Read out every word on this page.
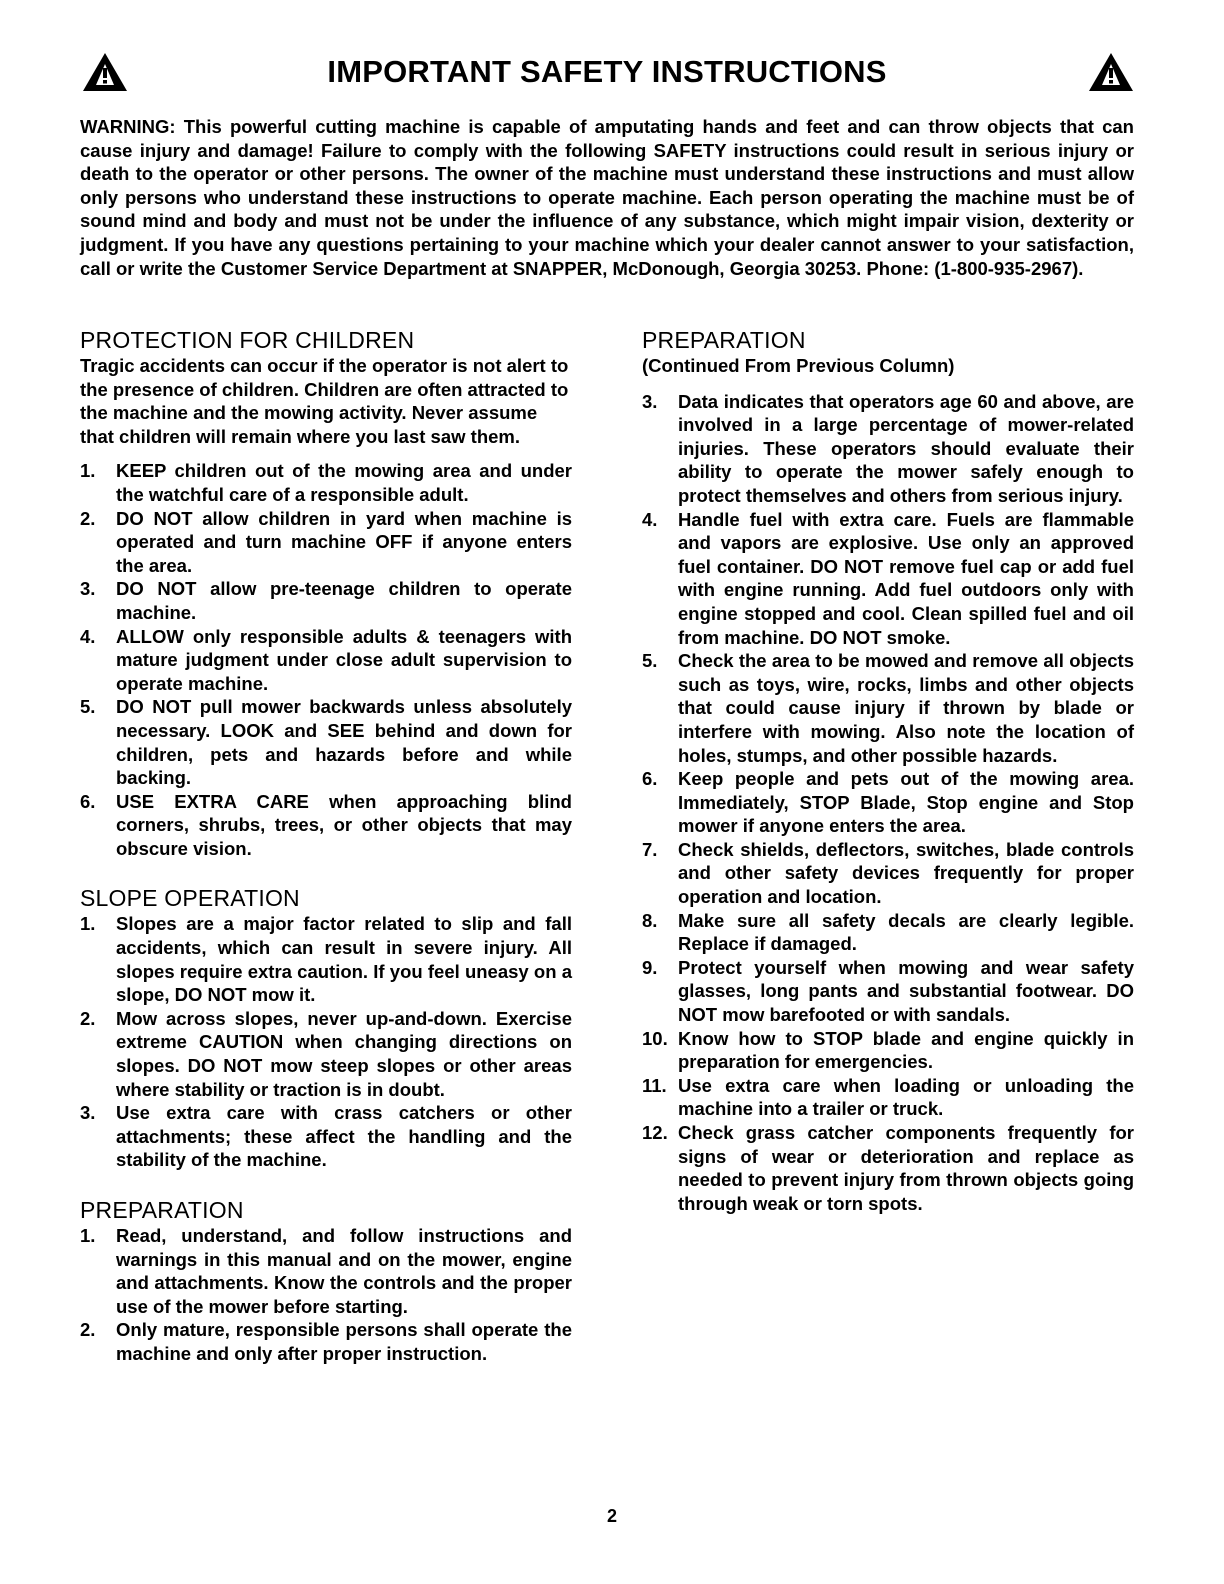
IMPORTANT SAFETY INSTRUCTIONS

WARNING: This powerful cutting machine is capable of amputating hands and feet and can throw objects that can cause injury and damage! Failure to comply with the following SAFETY instructions could result in serious injury or death to the operator or other persons. The owner of the machine must understand these instructions and must allow only persons who understand these instructions to operate machine. Each person operating the machine must be of sound mind and body and must not be under the influence of any substance, which might impair vision, dexterity or judgment. If you have any questions pertaining to your machine which your dealer cannot answer to your satisfaction, call or write the Customer Service Department at SNAPPER, McDonough, Georgia 30253. Phone: (1-800-935-2967).

PROTECTION FOR CHILDREN

Tragic accidents can occur if the operator is not alert to the presence of children. Children are often attracted to the machine and the mowing activity. Never assume that children will remain where you last saw them.

1. KEEP children out of the mowing area and under the watchful care of a responsible adult.
2. DO NOT allow children in yard when machine is operated and turn machine OFF if anyone enters the area.
3. DO NOT allow pre-teenage children to operate machine.
4. ALLOW only responsible adults & teenagers with mature judgment under close adult supervision to operate machine.
5. DO NOT pull mower backwards unless absolutely necessary. LOOK and SEE behind and down for children, pets and hazards before and while backing.
6. USE EXTRA CARE when approaching blind corners, shrubs, trees, or other objects that may obscure vision.
SLOPE OPERATION
1. Slopes are a major factor related to slip and fall accidents, which can result in severe injury. All slopes require extra caution. If you feel uneasy on a slope, DO NOT mow it.
2. Mow across slopes, never up-and-down. Exercise extreme CAUTION when changing directions on slopes. DO NOT mow steep slopes or other areas where stability or traction is in doubt.
3. Use extra care with crass catchers or other attachments; these affect the handling and the stability of the machine.
PREPARATION
1. Read, understand, and follow instructions and warnings in this manual and on the mower, engine and attachments. Know the controls and the proper use of the mower before starting.
2. Only mature, responsible persons shall operate the machine and only after proper instruction.
PREPARATION

(Continued From Previous Column)

3. Data indicates that operators age 60 and above, are involved in a large percentage of mower-related injuries. These operators should evaluate their ability to operate the mower safely enough to protect themselves and others from serious injury.
4. Handle fuel with extra care. Fuels are flammable and vapors are explosive. Use only an approved fuel container. DO NOT remove fuel cap or add fuel with engine running. Add fuel outdoors only with engine stopped and cool. Clean spilled fuel and oil from machine. DO NOT smoke.
5. Check the area to be mowed and remove all objects such as toys, wire, rocks, limbs and other objects that could cause injury if thrown by blade or interfere with mowing. Also note the location of holes, stumps, and other possible hazards.
6. Keep people and pets out of the mowing area. Immediately, STOP Blade, Stop engine and Stop mower if anyone enters the area.
7. Check shields, deflectors, switches, blade controls and other safety devices frequently for proper operation and location.
8. Make sure all safety decals are clearly legible. Replace if damaged.
9. Protect yourself when mowing and wear safety glasses, long pants and substantial footwear. DO NOT mow barefooted or with sandals.
10. Know how to STOP blade and engine quickly in preparation for emergencies.
11. Use extra care when loading or unloading the machine into a trailer or truck.
12. Check grass catcher components frequently for signs of wear or deterioration and replace as needed to prevent injury from thrown objects going through weak or torn spots.
2
